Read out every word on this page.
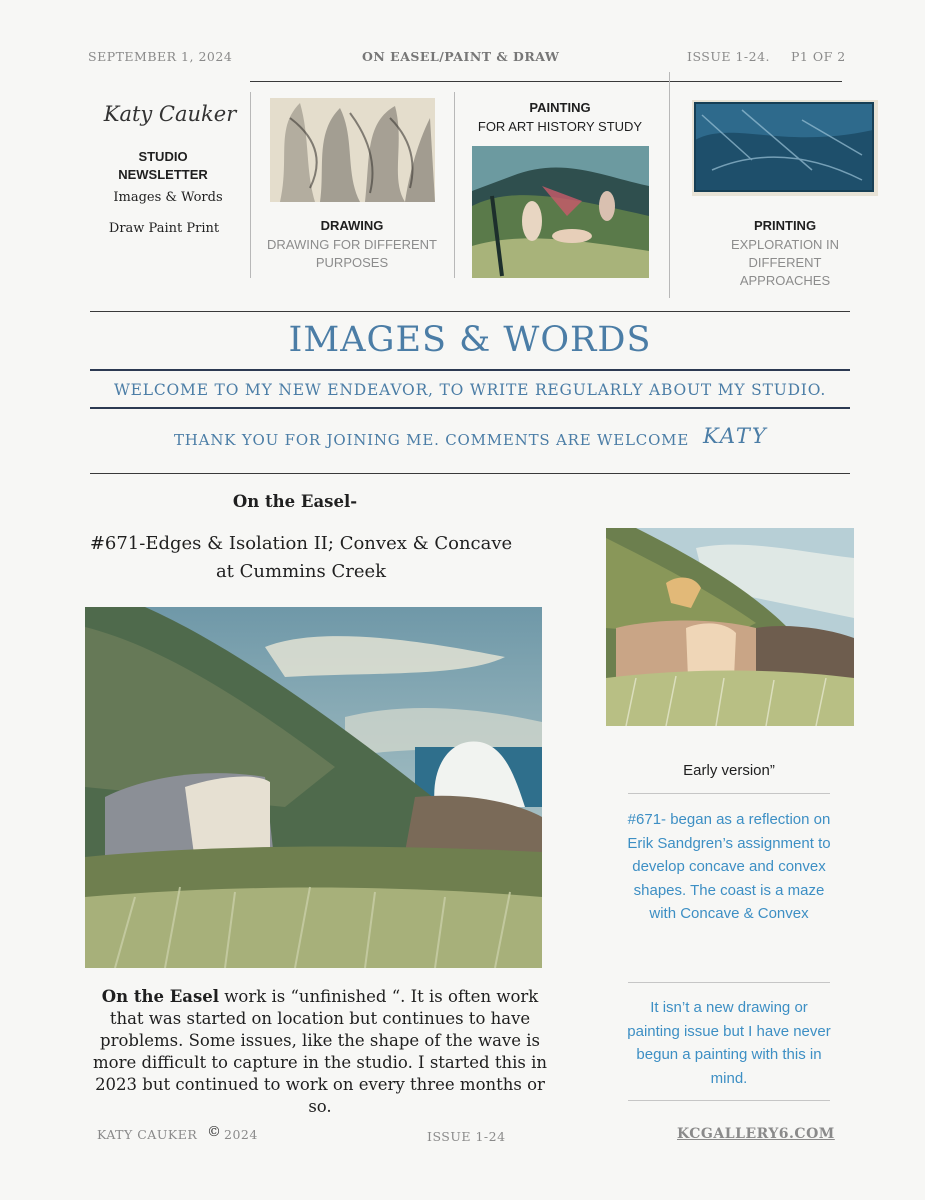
SEPTEMBER 1, 2024	ON EASEL/PAINT & DRAW	ISSUE 1-24. P1 OF 2
Katy Cauker
STUDIO
NEWSLETTER
Images & Words
Draw Paint Print	DRAWING
DRAWING FOR DIFFERENT PURPOSES
PAINTING
FOR ART HISTORY STUDY
PRINTING
EXPLORATION IN DIFFERENT APPROACHES
IMAGES & WORDS
WELCOME TO MY NEW ENDEAVOR, TO WRITE REGULARLY ABOUT MY STUDIO.
THANK YOU FOR JOINING ME. COMMENTS ARE WELCOME KATY
On the Easel-
#671-Edges & Isolation II; Convex & Concave at Cummins Creek
On the Easel work is “unfinished “. It is often work that was started on location but continues to have problems. Some issues, like the shape of the wave is more difficult to capture in the studio. I started this in 2023 but continued to work on every three months or so.
Early version”
#671- began as a reflection on Erik Sandgren’s assignment to develop concave and convex shapes. The coast is a maze with Concave & Convex
It isn’t a new drawing or painting issue but I have never begun a painting with this in mind.
KATY CAUKER © 2024	ISSUE 1-24	KCGALLERY6.COM
